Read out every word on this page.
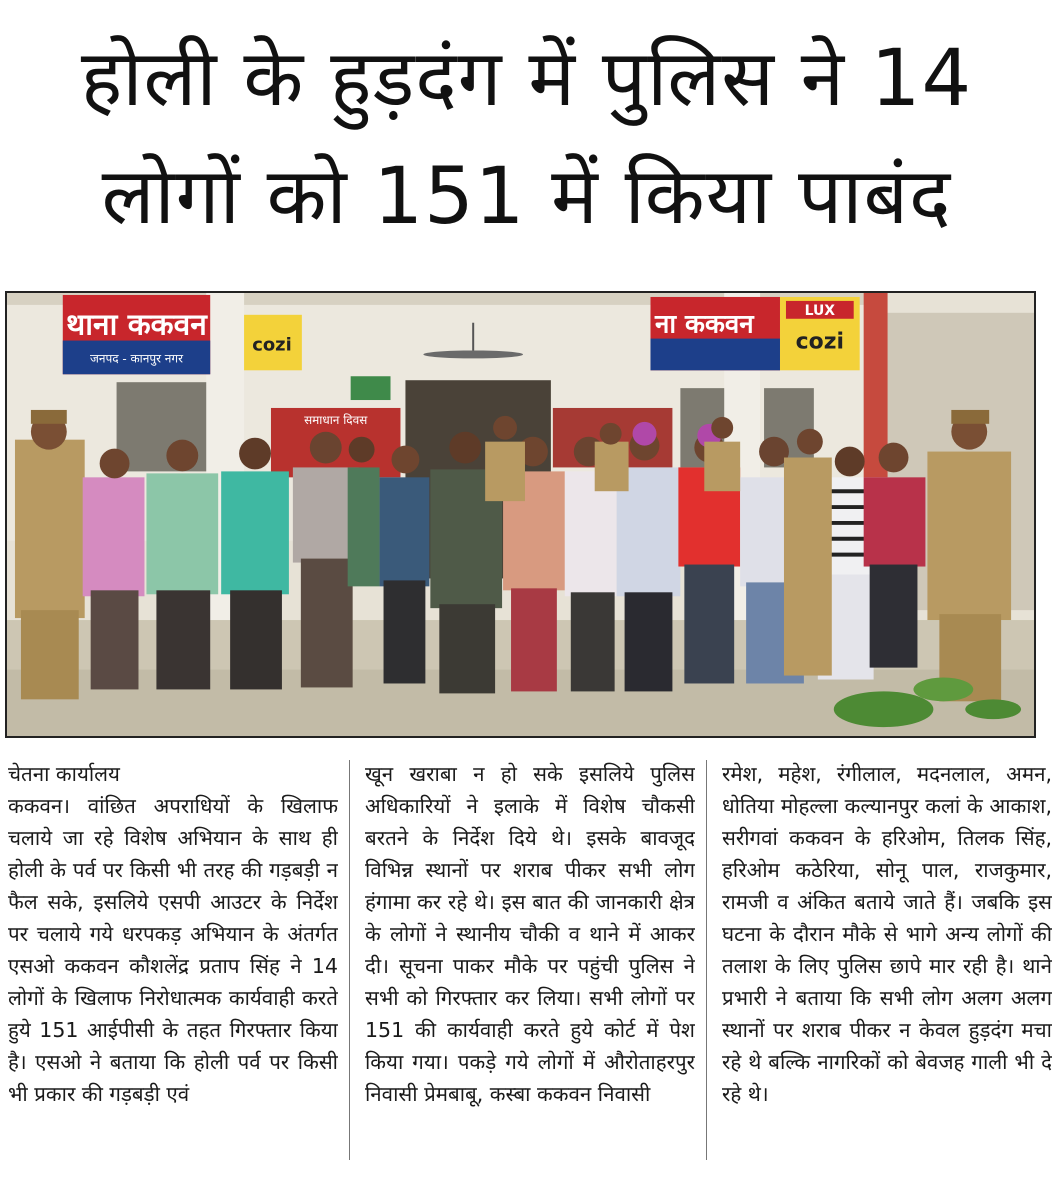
होली के हुड़दंग में पुलिस ने 14
लोगों को 151 में किया पाबंद
थाना ककवन
जनपद - कानपुर नगर
cozi
ना ककवन	LUX
cozi
समाधान दिवस
चेतना कार्यालय

ककवन। वांछित अपराधियों के खिलाफ चलाये जा रहे विशेष अभियान के साथ ही होली के पर्व पर किसी भी तरह की गड़बड़ी न फैल सके, इसलिये एसपी आउटर के निर्देश पर चलाये गये धरपकड़ अभियान के अंतर्गत एसओ ककवन कौशलेंद्र प्रताप सिंह ने 14 लोगों के खिलाफ निरोधात्मक कार्यवाही करते हुये 151 आईपीसी के तहत गिरफ्तार किया है। एसओ ने बताया कि होली पर्व पर किसी भी प्रकार की गड़बड़ी एवं

खून खराबा न हो सके इसलिये पुलिस अधिकारियों ने इलाके में विशेष चौकसी बरतने के निर्देश दिये थे। इसके बावजूद विभिन्न स्थानों पर शराब पीकर सभी लोग हंगामा कर रहे थे। इस बात की जानकारी क्षेत्र के लोगों ने स्थानीय चौकी व थाने में आकर दी। सूचना पाकर मौके पर पहुंची पुलिस ने सभी को गिरफ्तार कर लिया। सभी लोगों पर 151 की कार्यवाही करते हुये कोर्ट में पेश किया गया। पकड़े गये लोगों में औरोताहरपुर निवासी प्रेमबाबू, कस्बा ककवन निवासी

रमेश, महेश, रंगीलाल, मदनलाल, अमन, धोतिया मोहल्ला कल्यानपुर कलां के आकाश, सरीगवां ककवन के हरिओम, तिलक सिंह, हरिओम कठेरिया, सोनू पाल, राजकुमार, रामजी व अंकित बताये जाते हैं। जबकि इस घटना के दौरान मौके से भागे अन्य लोगों की तलाश के लिए पुलिस छापे मार रही है। थाने प्रभारी ने बताया कि सभी लोग अलग अलग स्थानों पर शराब पीकर न केवल हुड़दंग मचा रहे थे बल्कि नागरिकों को बेवजह गाली भी दे रहे थे।
